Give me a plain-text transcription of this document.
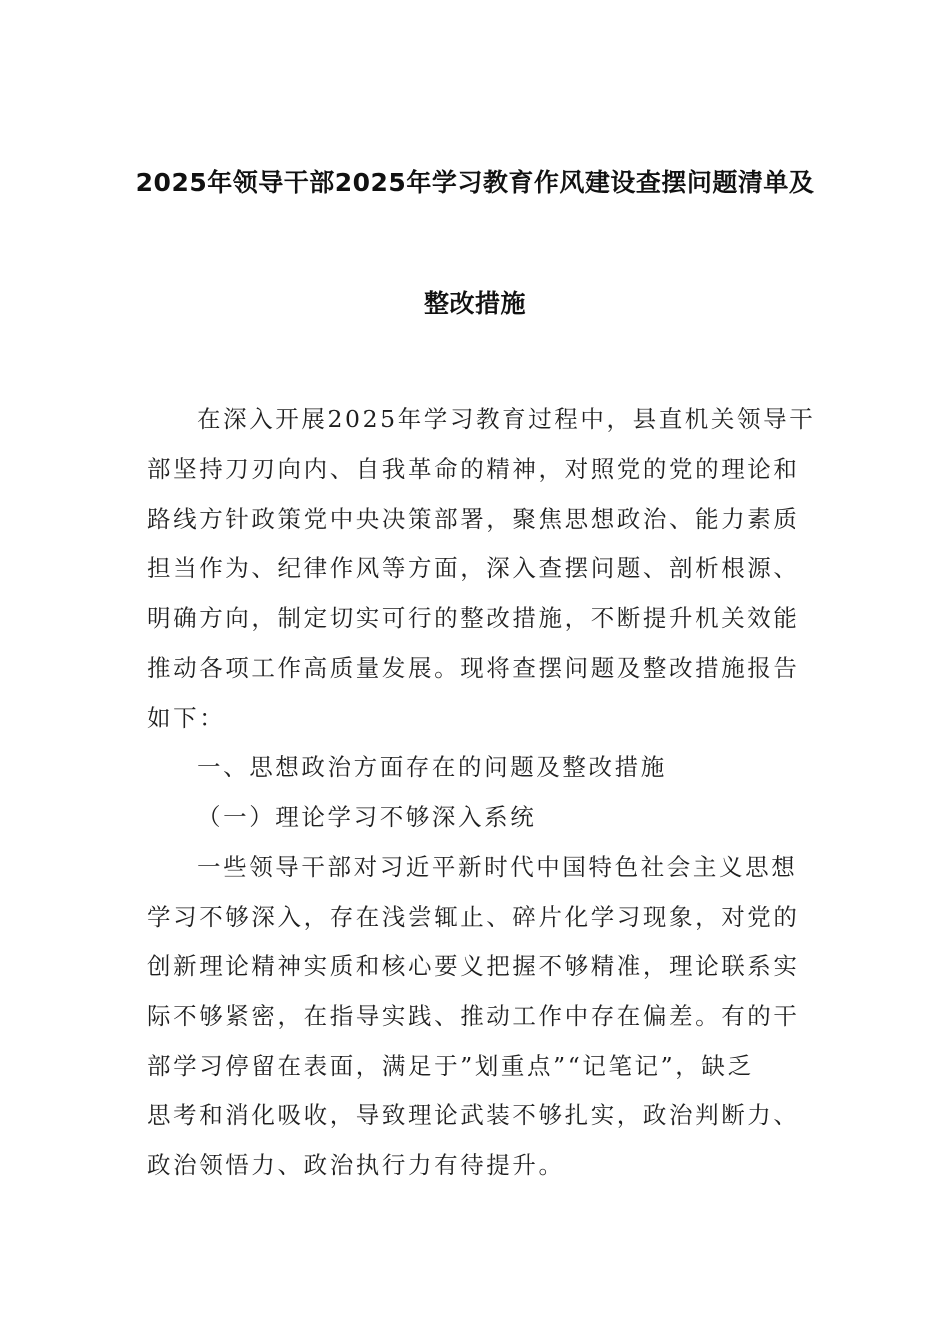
2025年领导干部2025年学习教育作风建设查摆问题清单及
整改措施
在深入开展2025年学习教育过程中，县直机关领导干
部坚持刀刃向内、自我革命的精神，对照党的党的理论和
路线方针政策党中央决策部署，聚焦思想政治、能力素质
担当作为、纪律作风等方面，深入查摆问题、剖析根源、
明确方向，制定切实可行的整改措施，不断提升机关效能
推动各项工作高质量发展。现将查摆问题及整改措施报告
如下：
一、思想政治方面存在的问题及整改措施
（一）理论学习不够深入系统
一些领导干部对习近平新时代中国特色社会主义思想
学习不够深入，存在浅尝辄止、碎片化学习现象，对党的
创新理论精神实质和核心要义把握不够精准，理论联系实
际不够紧密，在指导实践、推动工作中存在偏差。有的干
部学习停留在表面，满足于”划重点”“记笔记”，缺乏
思考和消化吸收，导致理论武装不够扎实，政治判断力、
政治领悟力、政治执行力有待提升。
